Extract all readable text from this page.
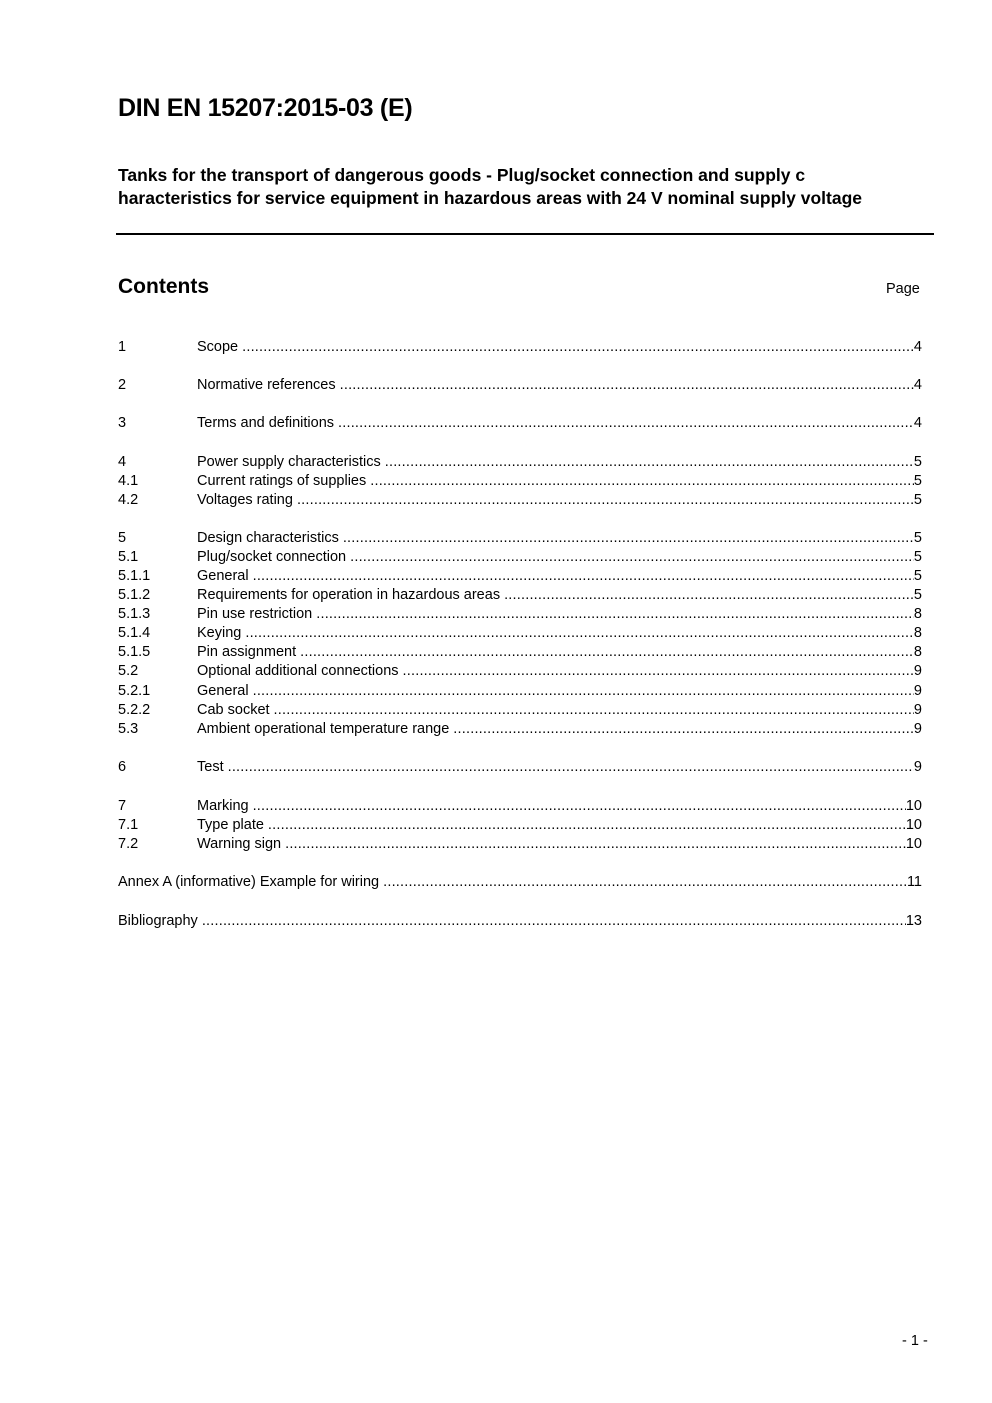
DIN EN 15207:2015-03 (E)
Tanks for the transport of dangerous goods - Plug/socket connection and supply c haracteristics for service equipment in hazardous areas with 24 V nominal supply voltage
Contents	Page
1	Scope .....	4
2	Normative references .....	4
3	Terms and definitions .....	4
4	Power supply characteristics .....	5
4.1	Current ratings of supplies .....	5
4.2	Voltages rating .....	5
5	Design characteristics .....	5
5.1	Plug/socket connection .....	5
5.1.1	General .....	5
5.1.2	Requirements for operation in hazardous areas .....	5
5.1.3	Pin use restriction .....	8
5.1.4	Keying .....	8
5.1.5	Pin assignment .....	8
5.2	Optional additional connections .....	9
5.2.1	General .....	9
5.2.2	Cab socket .....	9
5.3	Ambient operational temperature range .....	9
6	Test .....	9
7	Marking .....	10
7.1	Type plate .....	10
7.2	Warning sign .....	10
Annex A (informative) Example for wiring .....	11
Bibliography .....	13
- 1 -
